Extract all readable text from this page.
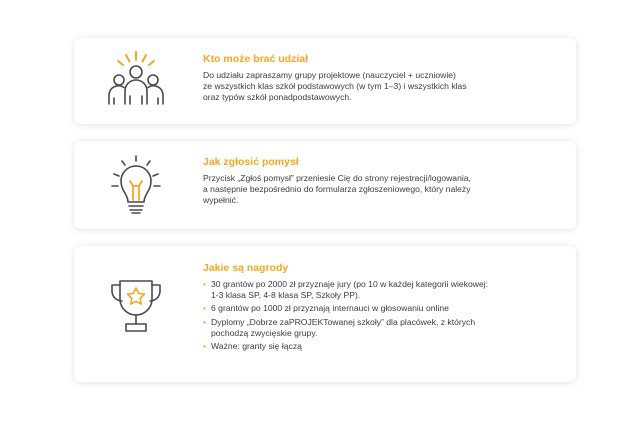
Kto może brać udział
Do udziału zapraszamy grupy projektowe (nauczyciel + uczniowie)
ze wszystkich klas szkół podstawowych (w tym 1–3) i wszystkich klas
oraz typów szkół ponadpodstawowych.
Jak zgłosić pomysł
Przycisk „Zgłoś pomysł” przeniesie Cię do strony rejestracji/logowania,
a następnie bezpośrednio do formularza zgłoszeniowego, który należy
wypełnić.
Jakie są nagrody
• 30 grantów po 2000 zł przyznaje jury (po 10 w każdej kategorii wiekowej:
1-3 klasa SP, 4-8 klasa SP, Szkoły PP).
• 6 grantów po 1000 zł przyznają internauci w głosowaniu online
• Dyplomy „Dobrze zaPROJEKTowanej szkoły” dla placówek, z których
pochodzą zwycięskie grupy.
• Ważne: granty się łączą
